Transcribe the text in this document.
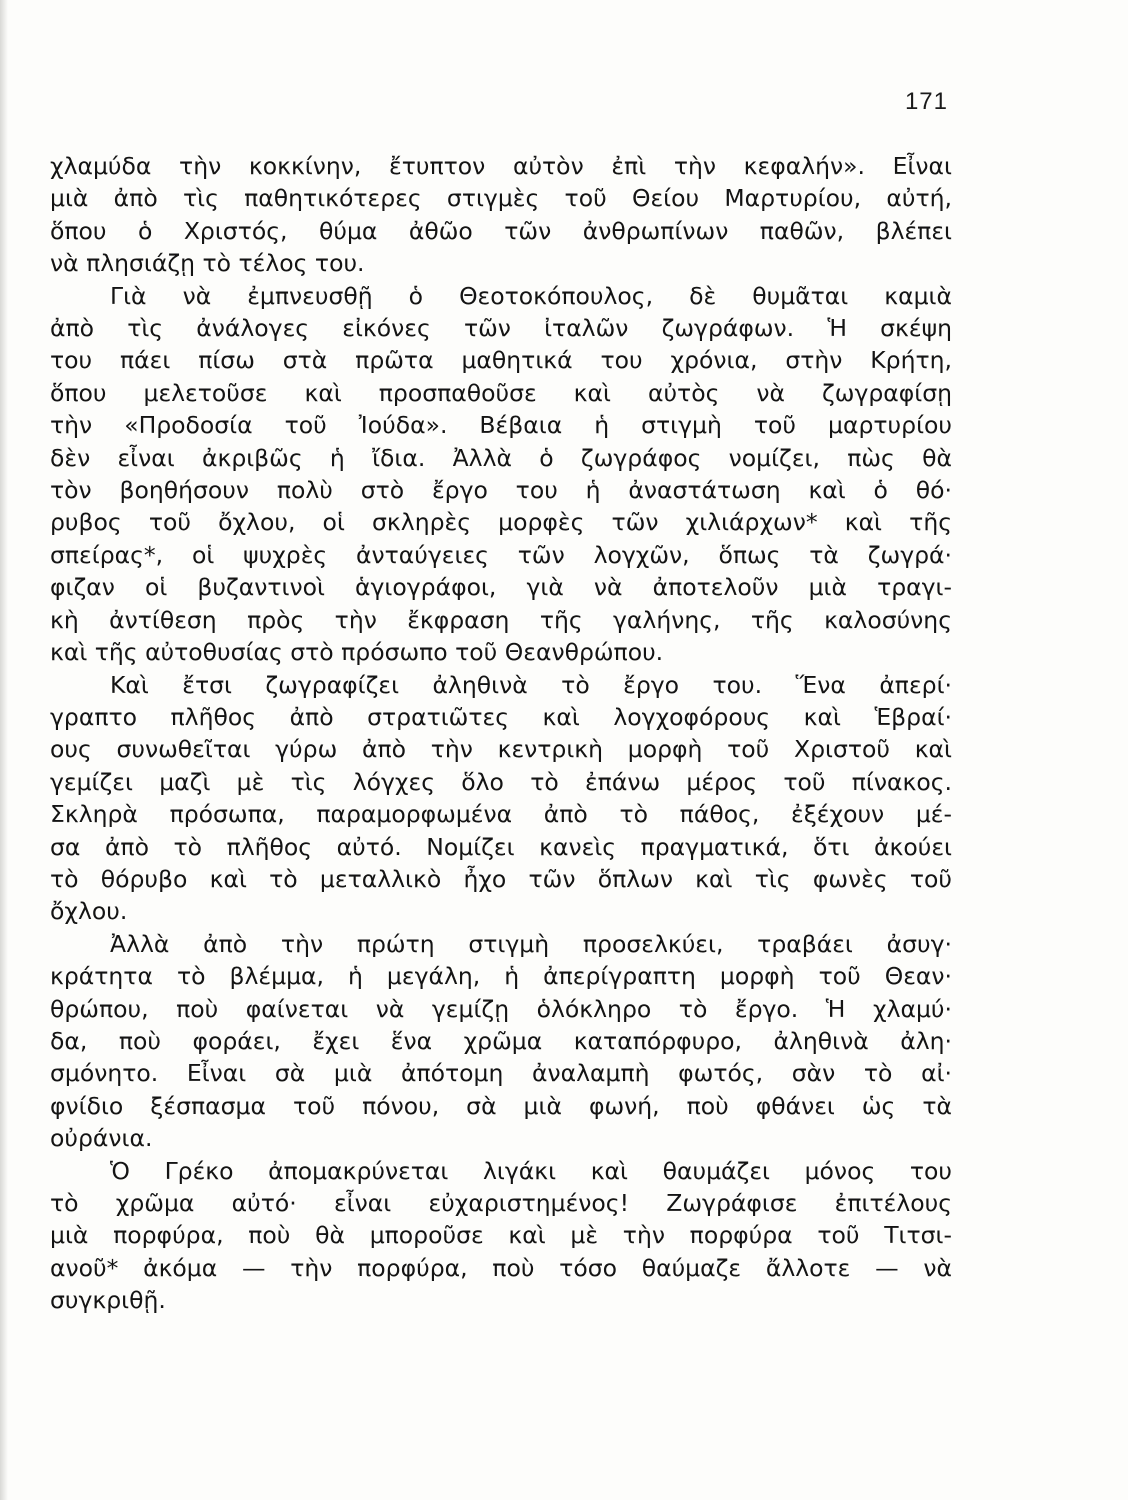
171

χλαμύδα τὴν κοκκίνην, ἔτυπτον αὐτὸν ἐπὶ τὴν κεφαλήν». Εἶναι
μιὰ ἀπὸ τὶς παθητικότερες στιγμὲς τοῦ Θείου Μαρτυρίου, αὐτή,
ὅπου ὁ Χριστός, θύμα ἀθῶο τῶν ἀνθρωπίνων παθῶν, βλέπει
νὰ πλησιάζῃ τὸ τέλος του.

Γιὰ νὰ ἐμπνευσθῇ ὁ Θεοτοκόπουλος, δὲ θυμᾶται καμιὰ
ἀπὸ τὶς ἀνάλογες εἰκόνες τῶν ἰταλῶν ζωγράφων. Ἡ σκέψη
του πάει πίσω στὰ πρῶτα μαθητικά του χρόνια, στὴν Κρήτη,
ὅπου μελετοῦσε καὶ προσπαθοῦσε καὶ αὐτὸς νὰ ζωγραφίσῃ
τὴν «Προδοσία τοῦ Ἰούδα». Βέβαια ἡ στιγμὴ τοῦ μαρτυρίου
δὲν εἶναι ἀκριβῶς ἡ ἴδια. Ἀλλὰ ὁ ζωγράφος νομίζει, πὼς θὰ
τὸν βοηθήσουν πολὺ στὸ ἔργο του ἡ ἀναστάτωση καὶ ὁ θό·
ρυβος τοῦ ὄχλου, οἱ σκληρὲς μορφὲς τῶν χιλιάρχων* καὶ τῆς
σπείρας*, οἱ ψυχρὲς ἀνταύγειες τῶν λογχῶν, ὅπως τὰ ζωγρά·
φιζαν οἱ βυζαντινοὶ ἁγιογράφοι, γιὰ νὰ ἀποτελοῦν μιὰ τραγι-
κὴ ἀντίθεση πρὸς τὴν ἔκφραση τῆς γαλήνης, τῆς καλοσύνης
καὶ τῆς αὐτοθυσίας στὸ πρόσωπο τοῦ Θεανθρώπου.

Καὶ ἔτσι ζωγραφίζει ἀληθινὰ τὸ ἔργο του. Ἕνα ἀπερί·
γραπτο πλῆθος ἀπὸ στρατιῶτες καὶ λογχοφόρους καὶ Ἑβραί·
ους συνωθεῖται γύρω ἀπὸ τὴν κεντρικὴ μορφὴ τοῦ Χριστοῦ καὶ
γεμίζει μαζὶ μὲ τὶς λόγχες ὅλο τὸ ἐπάνω μέρος τοῦ πίνακος.
Σκληρὰ πρόσωπα, παραμορφωμένα ἀπὸ τὸ πάθος, ἐξέχουν μέ-
σα ἀπὸ τὸ πλῆθος αὐτό. Νομίζει κανεὶς πραγματικά, ὅτι ἀκούει
τὸ θόρυβο καὶ τὸ μεταλλικὸ ἦχο τῶν ὅπλων καὶ τὶς φωνὲς τοῦ
ὄχλου.

Ἀλλὰ ἀπὸ τὴν πρώτη στιγμὴ προσελκύει, τραβάει ἀσυγ·
κράτητα τὸ βλέμμα, ἡ μεγάλη, ἡ ἀπερίγραπτη μορφὴ τοῦ Θεαν·
θρώπου, ποὺ φαίνεται νὰ γεμίζῃ ὁλόκληρο τὸ ἔργο. Ἡ χλαμύ·
δα, ποὺ φοράει, ἔχει ἕνα χρῶμα καταπόρφυρο, ἀληθινὰ ἀλη·
σμόνητο. Εἶναι σὰ μιὰ ἀπότομη ἀναλαμπὴ φωτός, σὰν τὸ αἰ·
φνίδιο ξέσπασμα τοῦ πόνου, σὰ μιὰ φωνή, ποὺ φθάνει ὡς τὰ
οὐράνια.

Ὁ Γρέκο ἀπομακρύνεται λιγάκι καὶ θαυμάζει μόνος του
τὸ χρῶμα αὐτό· εἶναι εὐχαριστημένος! Ζωγράφισε ἐπιτέλους
μιὰ πορφύρα, ποὺ θὰ μποροῦσε καὶ μὲ τὴν πορφύρα τοῦ Τιτσι-
ανοῦ* ἀκόμα — τὴν πορφύρα, ποὺ τόσο θαύμαζε ἄλλοτε — νὰ
συγκριθῇ.
